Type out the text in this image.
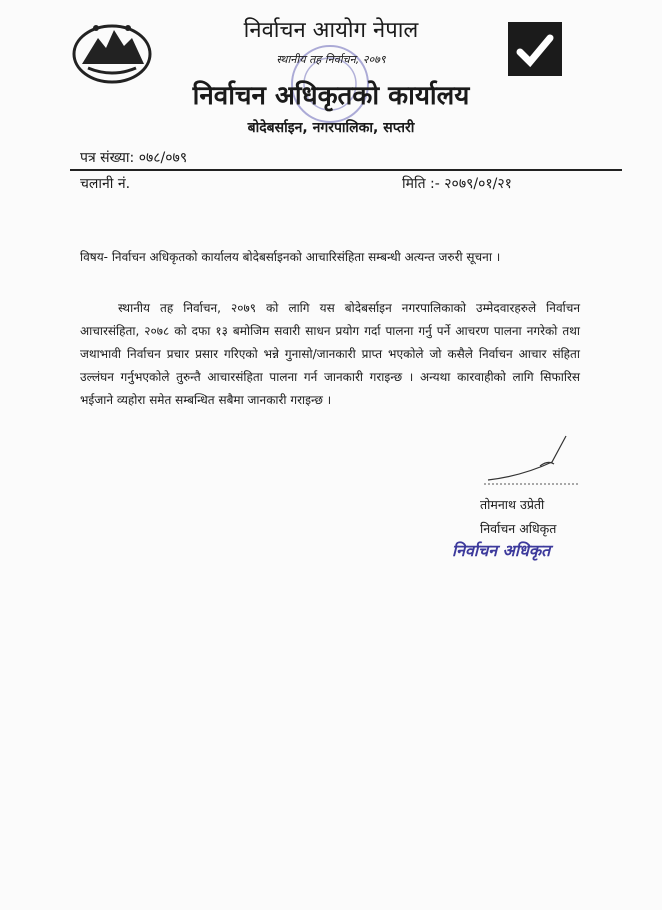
निर्वाचन आयोग नेपाल
स्थानीय तह निर्वाचन, २०७९
निर्वाचन अधिकृतको कार्यालय
बोदेबर्साइन, नगरपालिका, सप्तरी
पत्र संख्या: ०७८/०७९
चलानी नं.	मिति :- २०७९/०१/२१
विषय- निर्वाचन अधिकृतको कार्यालय बोदेबर्साइनको आचारिसंहिता सम्बन्धी अत्यन्त जरुरी सूचना ।
स्थानीय तह निर्वाचन, २०७९ को लागि यस बोदेबर्साइन नगरपालिकाको उम्मेदवारहरुले निर्वाचन आचारसंहिता, २०७८ को दफा १३ बमोजिम सवारी साधन प्रयोग गर्दा पालना गर्नु पर्ने आचरण पालना नगरेको तथा जथाभावी निर्वाचन प्रचार प्रसार गरिएको भन्ने गुनासो/जानकारी प्राप्त भएकोले जो कसैले निर्वाचन आचार संहिता उल्लंघन गर्नुभएकोले तुरुन्तै आचारसंहिता पालना गर्न जानकारी गराइन्छ । अन्यथा कारवाहीको लागि सिफारिस भईजाने व्यहोरा समेत सम्बन्धित सबैमा जानकारी गराइन्छ ।
तोमनाथ उप्रेती
निर्वाचन अधिकृत
निर्वाचन अधिकृत
